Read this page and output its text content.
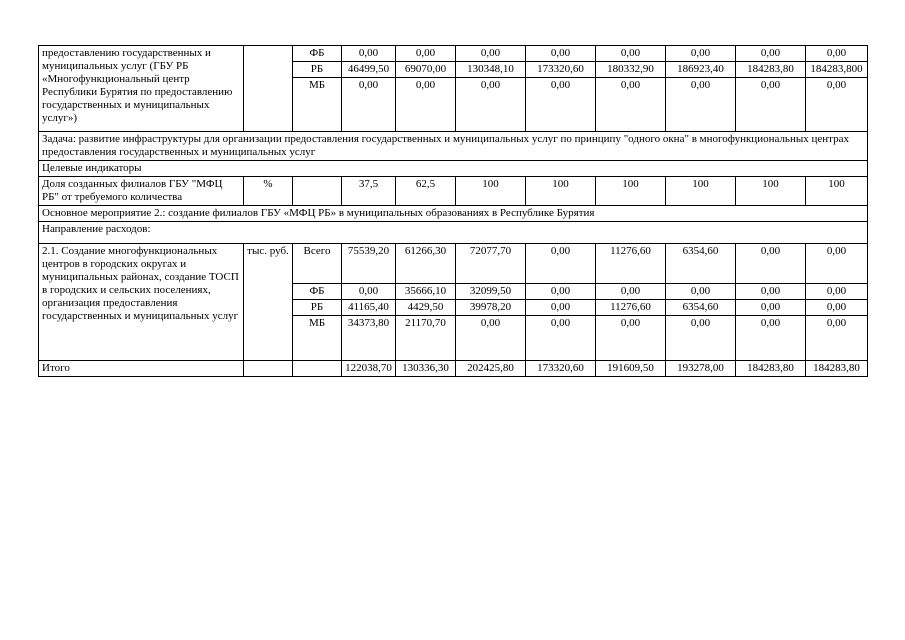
предоставлению государственных и муниципальных услуг (ГБУ РБ «Многофункциональный центр Республики Бурятия по предоставлению государственных и муниципальных услуг»)		ФБ	0,00	0,00	0,00	0,00	0,00	0,00	0,00	0,00
		РБ	46499,50	69070,00	130348,10	173320,60	180332,90	186923,40	184283,80	184283,800
		МБ	0,00	0,00	0,00	0,00	0,00	0,00	0,00	0,00
Задача: развитие инфраструктуры для организации предоставления государственных и муниципальных услуг по принципу "одного окна" в многофункциональных центрах предоставления государственных и муниципальных услуг										
Целевые индикаторы										
Доля созданных филиалов ГБУ "МФЦ РБ" от требуемого количества	%		37,5	62,5	100	100	100	100	100	100
Основное мероприятие 2.: создание филиалов ГБУ «МФЦ РБ» в муниципальных образованиях в Республике Бурятия										
Направление расходов:										
2.1. Создание многофункциональных центров в городских округах и муниципальных районах, создание ТОСП в городских и сельских поселениях, организация предоставления государственных и муниципальных услуг	тыс. руб.	Всего	75539,20	61266,30	72077,70	0,00	11276,60	6354,60	0,00	0,00
		ФБ	0,00	35666,10	32099,50	0,00	0,00	0,00	0,00	0,00
		РБ	41165,40	4429,50	39978,20	0,00	11276,60	6354,60	0,00	0,00
		МБ	34373,80	21170,70	0,00	0,00	0,00	0,00	0,00	0,00
Итого			122038,70	130336,30	202425,80	173320,60	191609,50	193278,00	184283,80	184283,80
